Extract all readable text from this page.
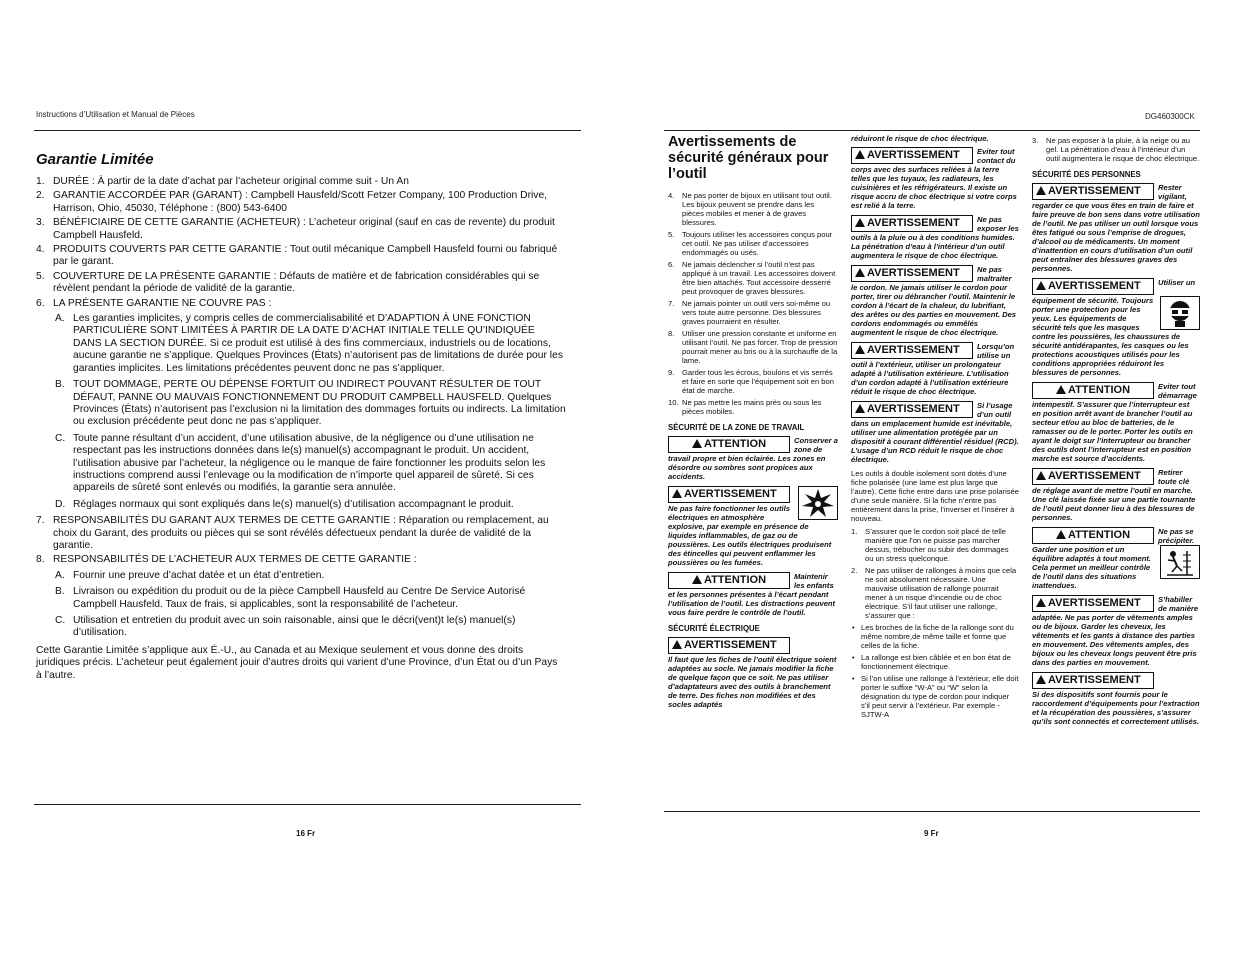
Instructions d’Utilisation et Manual de Pièces	DG460300CK
Garantie Limitée
1. DURÉE : À partir de la date d’achat par l’acheteur original comme suit - Un An
2. GARANTIE ACCORDÉE PAR (GARANT) : Campbell Hausfeld/Scott Fetzer Company, 100 Production Drive, Harrison, Ohio, 45030, Téléphone : (800) 543-6400
3. BÉNÉFICIAIRE DE CETTE GARANTIE (ACHETEUR) : L’acheteur original (sauf en cas de revente) du produit Campbell Hausfeld.
4. PRODUITS COUVERTS PAR CETTE GARANTIE : Tout outil mécanique Campbell Hausfeld fourni ou fabriqué par le garant.
5. COUVERTURE DE LA PRÉSENTE GARANTIE : Défauts de matière et de fabrication considérables qui se révèlent pendant la période de validité de la garantie.
6. LA PRÉSENTE GARANTIE NE COUVRE PAS :
A. Les garanties implicites, y compris celles de commercialisabilité et D’ADAPTION À UNE FONCTION PARTICULIÈRE SONT LIMITÉES À PARTIR DE LA DATE D’ACHAT INITIALE TELLE QU’INDIQUÉE DANS LA SECTION DURÉE. Si ce produit est utilisé à des fins commerciaux, industriels ou de locations, aucune garantie ne s’applique. Quelques Provinces (États) n’autorisent pas de limitations de durée pour les garanties implicites. Les limitations précédentes peuvent donc ne pas s’appliquer.
B. TOUT DOMMAGE, PERTE OU DÉPENSE FORTUIT OU INDIRECT POUVANT RÉSULTER DE TOUT DÉFAUT, PANNE OU MAUVAIS FONCTIONNEMENT DU PRODUIT CAMPBELL HAUSFELD. Quelques Provinces (États) n’autorisent pas l’exclusion ni la limitation des dommages fortuits ou indirects. La limitation ou exclusion précédente peut donc ne pas s’appliquer.
C. Toute panne résultant d’un accident, d’une utilisation abusive, de la négligence ou d’une utilisation ne respectant pas les instructions données dans le(s) manuel(s) accompagnant le produit. Un accident, l’utilisation abusive par l’acheteur, la négligence ou le manque de faire fonctionner les produits selon les instructions comprend aussi l’enlevage ou la modification de n’importe quel appareil de sûreté. Si ces appareils de sûreté sont enlevés ou modifiés, la garantie sera annulée.
D. Réglages normaux qui sont expliqués dans le(s) manuel(s) d’utilisation accompagnant le produit.
7. RESPONSABILITÉS DU GARANT AUX TERMES DE CETTE GARANTIE : Réparation ou remplacement, au choix du Garant, des produits ou pièces qui se sont révélés défectueux pendant la durée de validité de la garantie.
8. RESPONSABILITÉS DE L’ACHETEUR AUX TERMES DE CETTE GARANTIE :
A. Fournir une preuve d’achat datée et un état d’entretien.
B. Livraison ou expédition du produit ou de la pièce Campbell Hausfeld au Centre De Service Autorisé Campbell Hausfeld. Taux de frais, si applicables, sont la responsabilité de l’acheteur.
C. Utilisation et entretien du produit avec un soin raisonable, ainsi que le décri(vent)t le(s) manuel(s) d’utilisation.

Cette Garantie Limitée s’applique aux É.-U., au Canada et au Mexique seulement et vous donne des droits juridiques précis. L’acheteur peut également jouir d’autres droits qui varient d’une Province, d’un État ou d’un Pays à l’autre.

16 Fr
Avertissements de sécurité généraux pour l’outil
4. Ne pas porter de bijoux en utilisant tout outil. Les bijoux peuvent se prendre dans les pièces mobiles et mener à de graves blessures.
5. Toujours utiliser les accessoires conçus pour cet outil. Ne pas utiliser d’accessoires endommagés ou usés.
6. Ne jamais déclencher si l’outil n’est pas appliqué à un travail. Les accessoires doivent être bien attachés. Tout accessoire desserré peut provoquer de graves blessures.
7. Ne jamais pointer un outil vers soi-même ou vers toute autre personne. Des blessures graves pourraient en résulter.
8. Utiliser une pression constante et uniforme en utilisant l’outil. Ne pas forcer. Trop de pression pourrait mener au bris ou à la surchauffe de la lame.
9. Garder tous les écrous, boulons et vis serrés et faire en sorte que l’équipement soit en bon état de marche.
10. Ne pas mettre les mains près ou sous les pièces mobiles.
SÉCURITÉ DE LA ZONE DE TRAVAIL
ATTENTION	Conserver a zone de travail propre et bien éclairée. Les zones en désordre ou sombres sont propices aux accidents.
AVERTISSEMENT
Ne pas faire fonctionner les outils électriques en atmosphère explosive, par exemple en présence de liquides inflammables, de gaz ou de poussières. Les outils électriques produisent des étincelles qui peuvent enflammer les poussières ou les fumées.
ATTENTION	Maintenir les enfants et les personnes présentes à l’écart pendant l’utilisation de l’outil. Les distractions peuvent vous faire perdre le contrôle de l’outil.
SÉCURITÉ ÉLECTRIQUE
AVERTISSEMENT
Il faut que les fiches de l’outil électrique soient adaptées au socle. Ne jamais modifier la fiche de quelque façon que ce soit. Ne pas utiliser d’adaptateurs avec des outils à branchement de terre. Des fiches non modifiées et des socles adaptés
réduiront le risque de choc électrique.
AVERTISSEMENT	Eviter tout contact du corps avec des surfaces reliées à la terre telles que les tuyaux, les radiateurs, les cuisinières et les réfrigérateurs. Il existe un risque accru de choc électrique si votre corps est relié à la terre.
AVERTISSEMENT	Ne pas exposer les outils à la pluie ou à des conditions humides. La pénétration d’eau à l’intérieur d’un outil augmentera le risque de choc électrique.
AVERTISSEMENT	Ne pas maltraiter le cordon. Ne jamais utiliser le cordon pour porter, tirer ou débrancher l’outil. Maintenir le cordon à l’écart de la chaleur, du lubrifiant, des arêtes ou des parties en mouvement. Des cordons endommagés ou emmêlés augmentent le risque de choc électrique.
AVERTISSEMENT	Lorsqu’on utilise un outil à l’extérieur, utiliser un prolongateur adapté à l’utilisation extérieure. L’utilisation d’un cordon adapté à l’utilisation extérieure réduit le risque de choc électrique.
AVERTISSEMENT	Si l’usage d’un outil dans un emplacement humide est inévitable, utiliser une alimentation protégée par un dispositif à courant différentiel résiduel (RCD). L’usage d’un RCD réduit le risque de choc électrique.

Les outils à double isolement sont dotés d’une fiche polarisée (une lame est plus large que l’autre). Cette fiche entre dans une prise polarisée d’une seule manière. Si la fiche n’entre pas entièrement dans la prise, l’inverser et l’insérer à nouveau.

1. S’assurer que le cordon soit placé de telle manière que l’on ne puisse pas marcher dessus, trébucher ou subir des dommages ou un stress quelconque.
2. Ne pas utiliser de rallonges à moins que cela ne soit absolument nécessaire. Une mauvaise utilisation de rallonge pourrait mener à un risque d’incendie ou de choc électrique. S’il faut utiliser une rallonge, s’assurer que :
• Les broches de la fiche de la rallonge sont du même nombre,de même taille et forme que celles de la fiche.
• La rallonge est bien câblée et en bon état de fonctionnement électrique.
• Si l’on utilise une rallonge à l’extérieur, elle doit porter le suffixe “W-A” ou “W” selon la désignation du type de cordon pour indiquer s’il peut servir à l’extérieur. Par exemple - SJTW-A
3. Ne pas exposer à la pluie, à la neige ou au gel. La pénétration d’eau à l’intérieur d’un outil augmentera le risque de choc électrique.
SÉCURITÉ DES PERSONNES
AVERTISSEMENT	Rester vigilant, regarder ce que vous êtes en train de faire et faire preuve de bon sens dans votre utilisation de l’outil. Ne pas utiliser un outil lorsque vous êtes fatigué ou sous l’emprise de drogues, d’alcool ou de médicaments. Un moment d’inattention en cours d’utilisation d’un outil peut entraîner des blessures graves des personnes.
AVERTISSEMENT	Utiliser un équipement de sécurité. Toujours porter une protection pour les yeux. Les équipements de sécurité tels que les masques contre les poussières, les chaussures de sécurité antidérapantes, les casques ou les protections acoustiques utilisés pour les conditions appropriées réduiront les blessures de personnes.
ATTENTION	Eviter tout démarrage intempestif. S’assurer que l’interrupteur est en position arrêt avant de brancher l’outil au secteur et/ou au bloc de batteries, de le ramasser ou de le porter. Porter les outils en ayant le doigt sur l’interrupteur ou brancher des outils dont l’interrupteur est en position marche est source d’accidents.
AVERTISSEMENT	Retirer toute clé de réglage avant de mettre l’outil en marche. Une clé laissée fixée sur une partie tournante de l’outil peut donner lieu à des blessures de personnes.
ATTENTION	Ne pas se précipiter. Garder une position et un équilibre adaptés à tout moment. Cela permet un meilleur contrôle de l’outil dans des situations inattendues.
AVERTISSEMENT	S’habiller de manière adaptée. Ne pas porter de vêtements amples ou de bijoux. Garder les cheveux, les vêtements et les gants à distance des parties en mouvement. Des vêtements amples, des bijoux ou les cheveux longs peuvent être pris dans des parties en mouvement.
AVERTISSEMENT
Si des dispositifs sont fournis pour le raccordement d’équipements pour l’extraction et la récupération des poussières, s’assurer qu’ils sont connectés et correctement utilisés.
9 Fr
